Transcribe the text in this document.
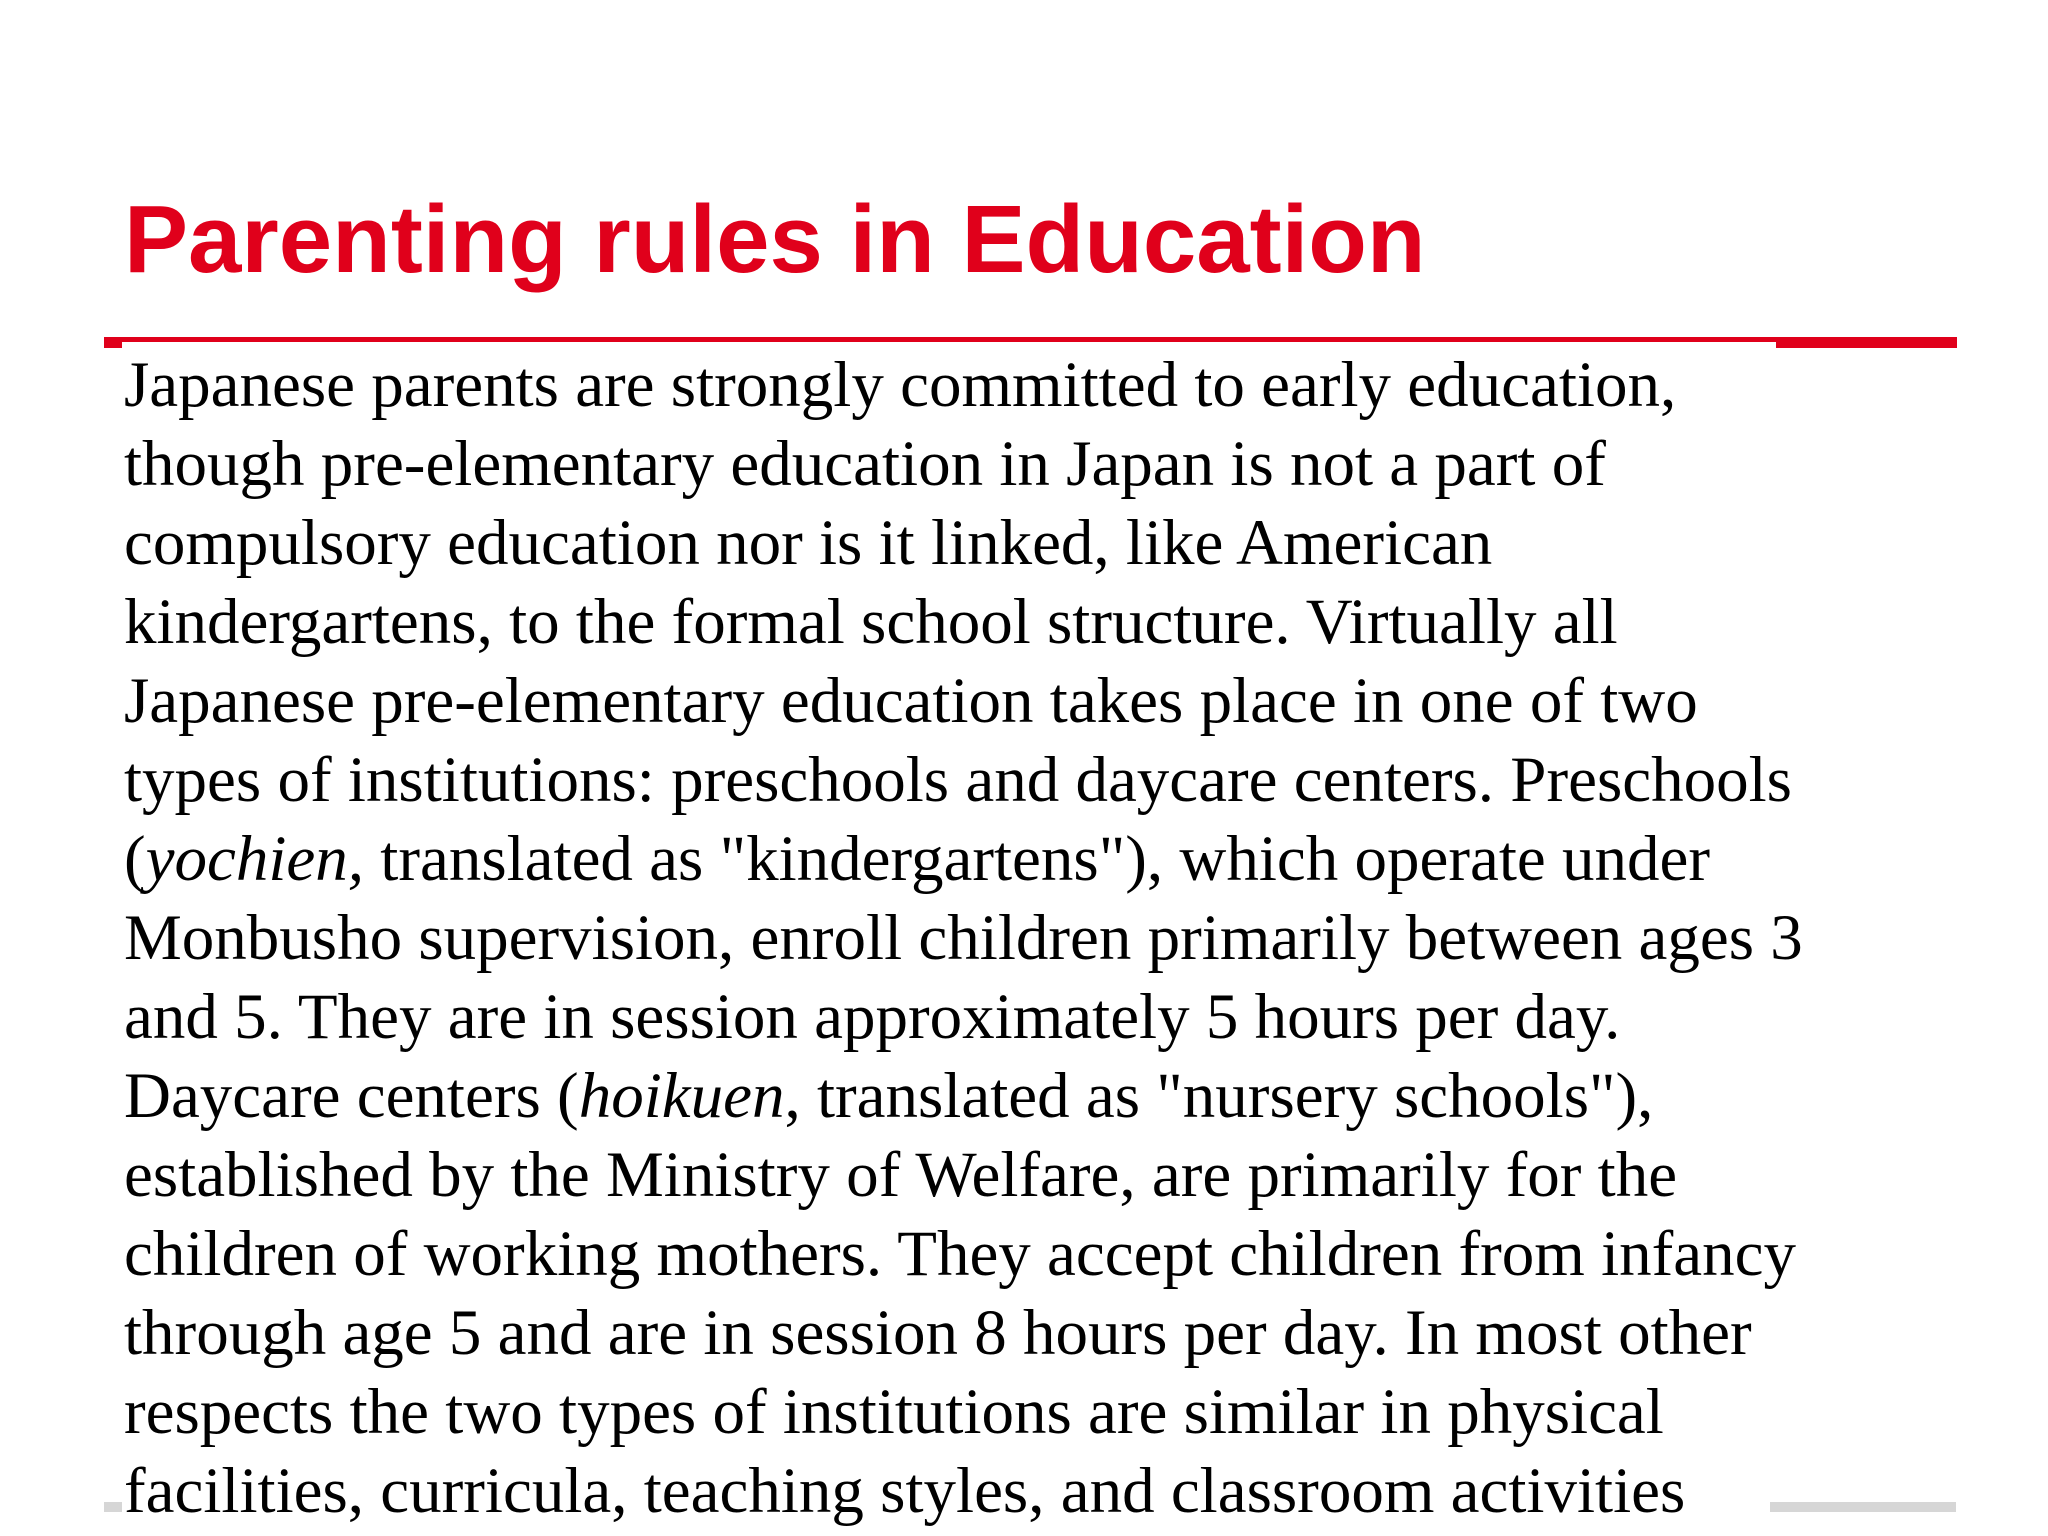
Parenting rules in Education
Japanese parents are strongly committed to early education,
though pre-elementary education in Japan is not a part of
compulsory education nor is it linked, like American
kindergartens, to the formal school structure. Virtually all
Japanese pre-elementary education takes place in one of two
types of institutions: preschools and daycare centers. Preschools
(yochien, translated as "kindergartens"), which operate under
Monbusho supervision, enroll children primarily between ages 3
and 5. They are in session approximately 5 hours per day.
Daycare centers (hoikuen, translated as "nursery schools"),
established by the Ministry of Welfare, are primarily for the
children of working mothers. They accept children from infancy
through age 5 and are in session 8 hours per day. In most other
respects the two types of institutions are similar in physical
facilities, curricula, teaching styles, and classroom activities
